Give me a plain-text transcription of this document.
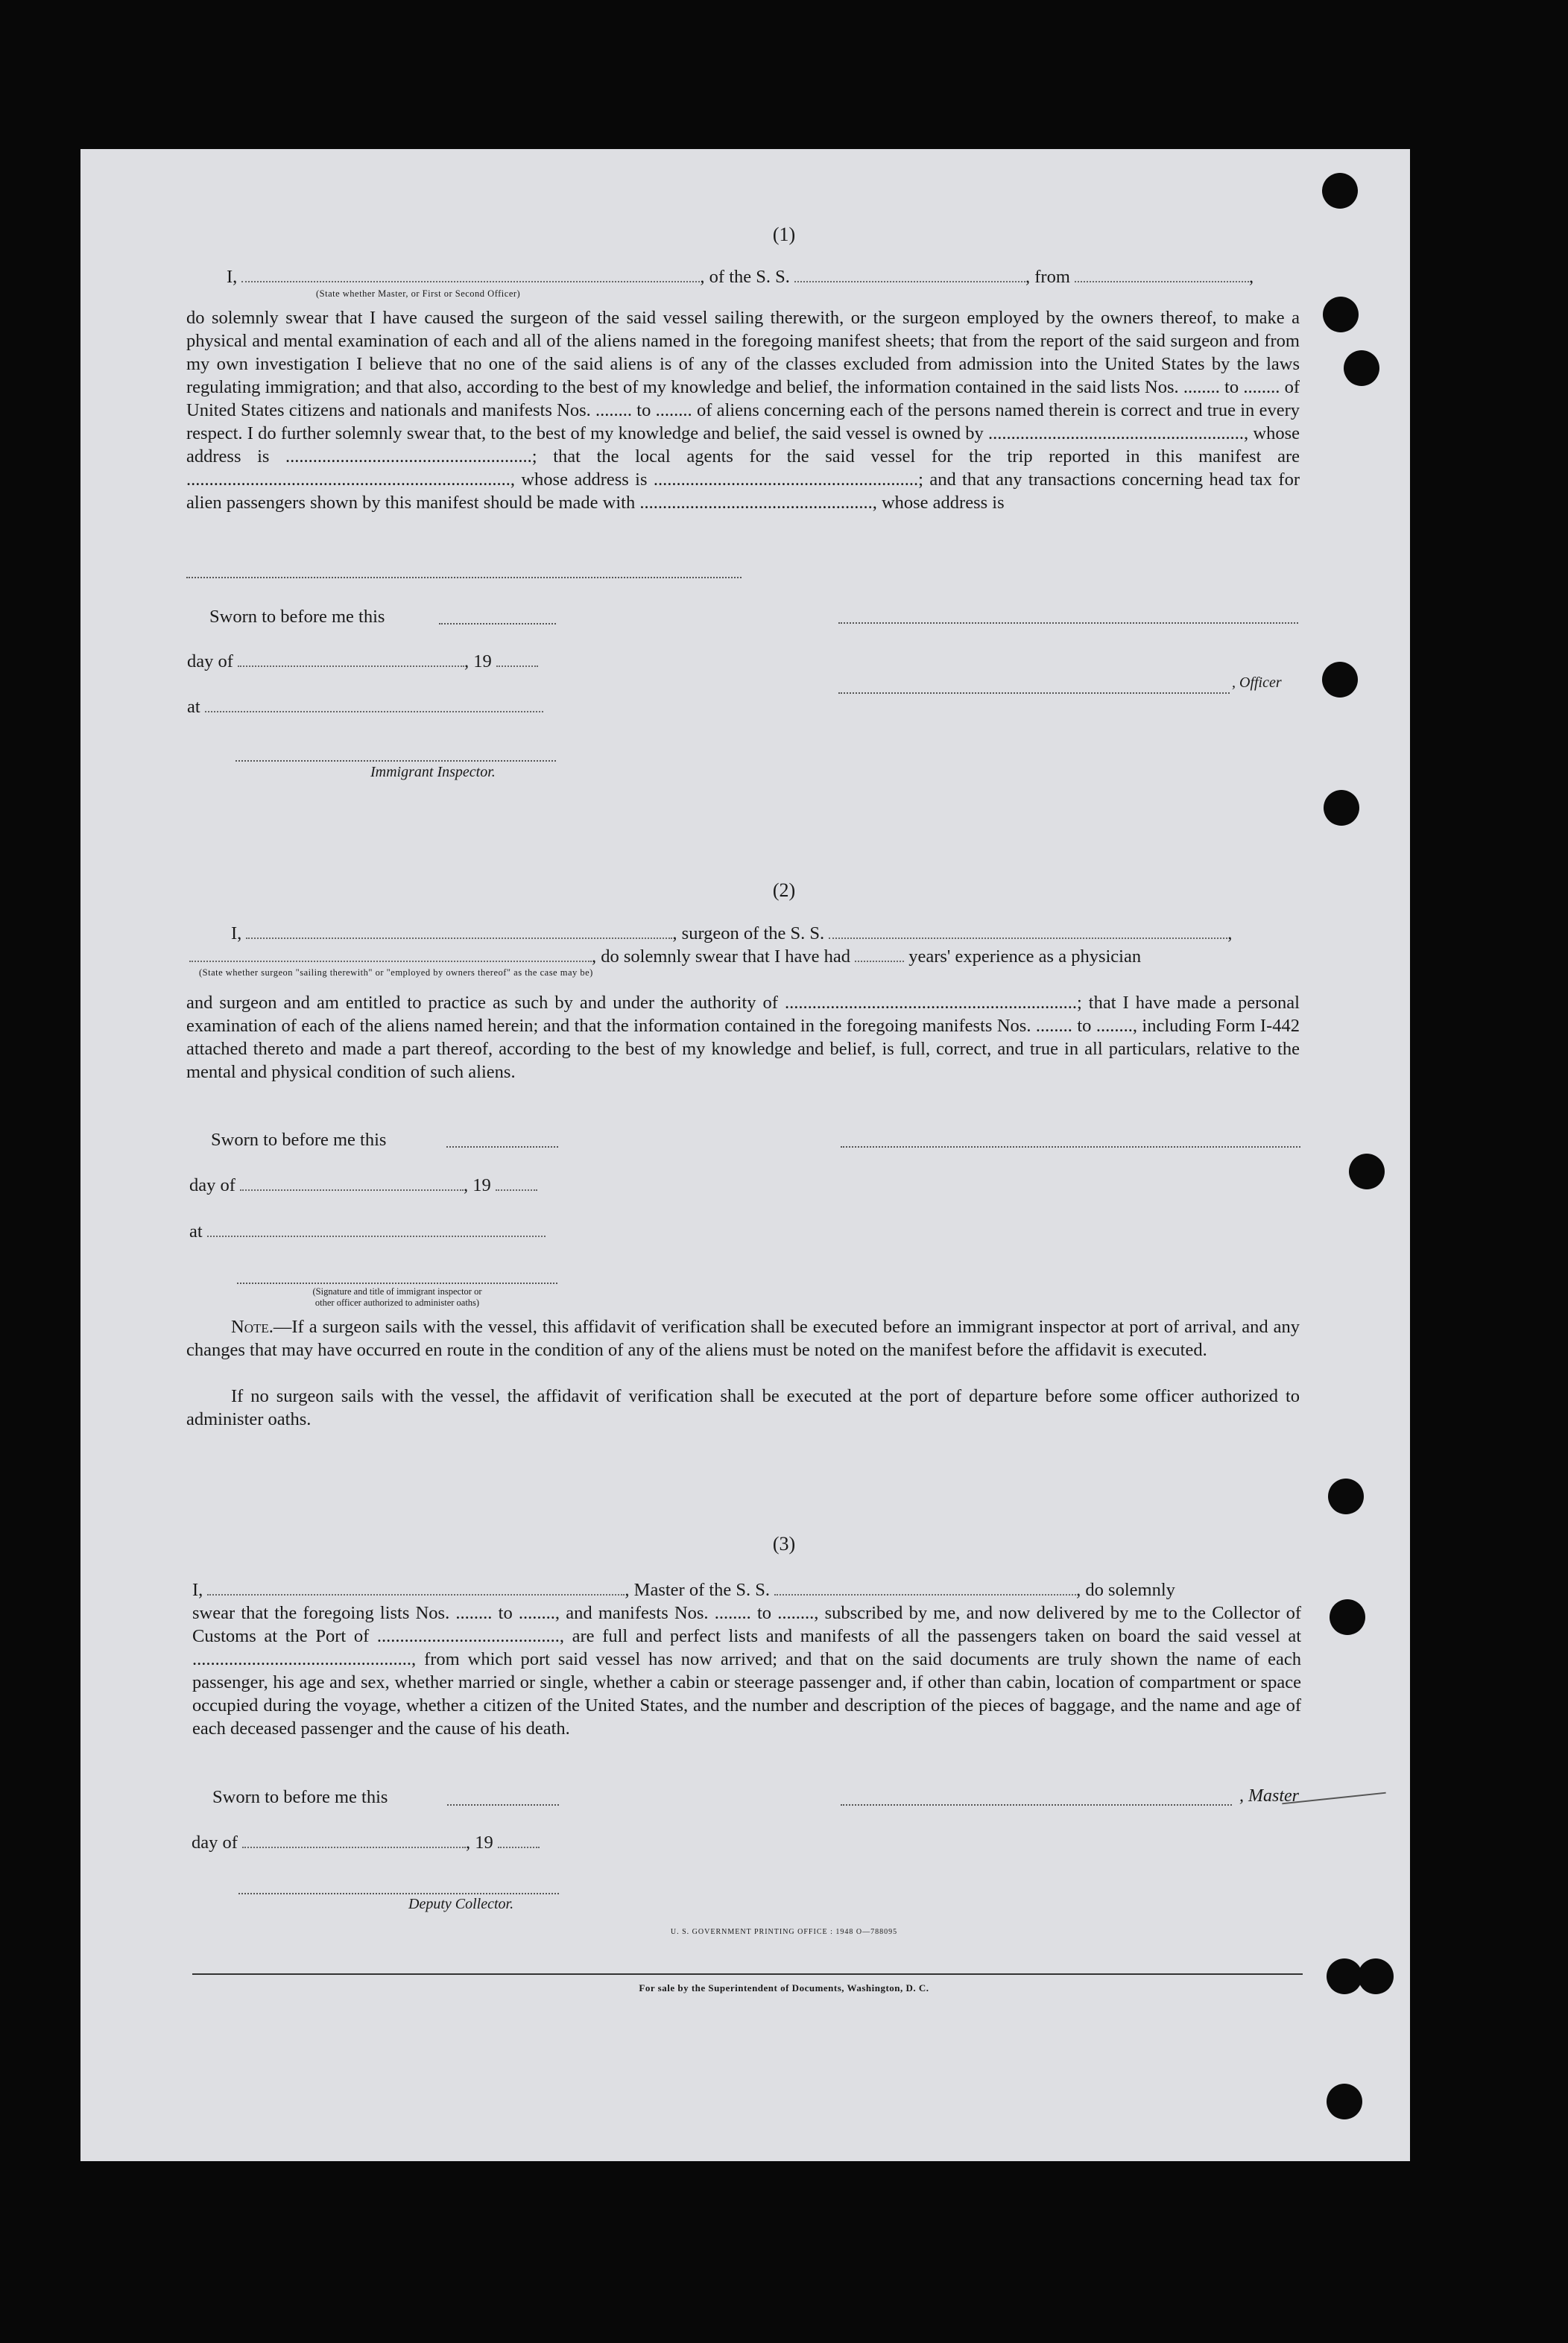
(1)
I,	, of the S. S.	, from	,
(State whether Master, or First or Second Officer)
do solemnly swear that I have caused the surgeon of the said vessel sailing therewith, or the surgeon employed by the owners thereof, to make a physical and mental examination of each and all of the aliens named in the foregoing manifest sheets; that from the report of the said surgeon and from my own investigation I believe that no one of the said aliens is of any of the classes excluded from admission into the United States by the laws regulating immigration; and that also, according to the best of my knowledge and belief, the information contained in the said lists Nos. ........ to ........ of United States citizens and nationals and manifests Nos. ........ to ........ of aliens concerning each of the persons named therein is correct and true in every respect. I do further solemnly swear that, to the best of my knowledge and belief, the said vessel is owned by ........................................................, whose address is ......................................................; that the local agents for the said vessel for the trip reported in this manifest are ......................................................................., whose address is ..........................................................; and that any transactions concerning head tax for alien passengers shown by this manifest should be made with ..................................................., whose address is
Sworn to before me this
day of	, 19
at
Immigrant Inspector.
, Officer
(2)
I,	, surgeon of the S. S.	,
, do solemnly swear that I have had	years' experience as a physician
(State whether surgeon "sailing therewith" or "employed by owners thereof" as the case may be)
and surgeon and am entitled to practice as such by and under the authority of ................................................................; that I have made a personal examination of each of the aliens named herein; and that the information contained in the foregoing manifests Nos. ........ to ........, including Form I-442 attached thereto and made a part thereof, according to the best of my knowledge and belief, is full, correct, and true in all particulars, relative to the mental and physical condition of such aliens.
Sworn to before me this
day of	, 19
at
(Signature and title of immigrant inspector or
other officer authorized to administer oaths)
Note.—If a surgeon sails with the vessel, this affidavit of verification shall be executed before an immigrant inspector at port of arrival, and any changes that may have occurred en route in the condition of any of the aliens must be noted on the manifest before the affidavit is executed.
If no surgeon sails with the vessel, the affidavit of verification shall be executed at the port of departure before some officer authorized to administer oaths.
(3)
I,	, Master of the S. S.	, do solemnly
swear that the foregoing lists Nos. ........ to ........, and manifests Nos. ........ to ........, subscribed by me, and now delivered by me to the Collector of Customs at the Port of ........................................, are full and perfect lists and manifests of all the passengers taken on board the said vessel at ................................................, from which port said vessel has now arrived; and that on the said documents are truly shown the name of each passenger, his age and sex, whether married or single, whether a cabin or steerage passenger and, if other than cabin, location of compartment or space occupied during the voyage, whether a citizen of the United States, and the number and description of the pieces of baggage, and the name and age of each deceased passenger and the cause of his death.
Sworn to before me this	, Master
day of	, 19
Deputy Collector.
U. S. GOVERNMENT PRINTING OFFICE : 1948 O—788095
For sale by the Superintendent of Documents, Washington, D. C.
